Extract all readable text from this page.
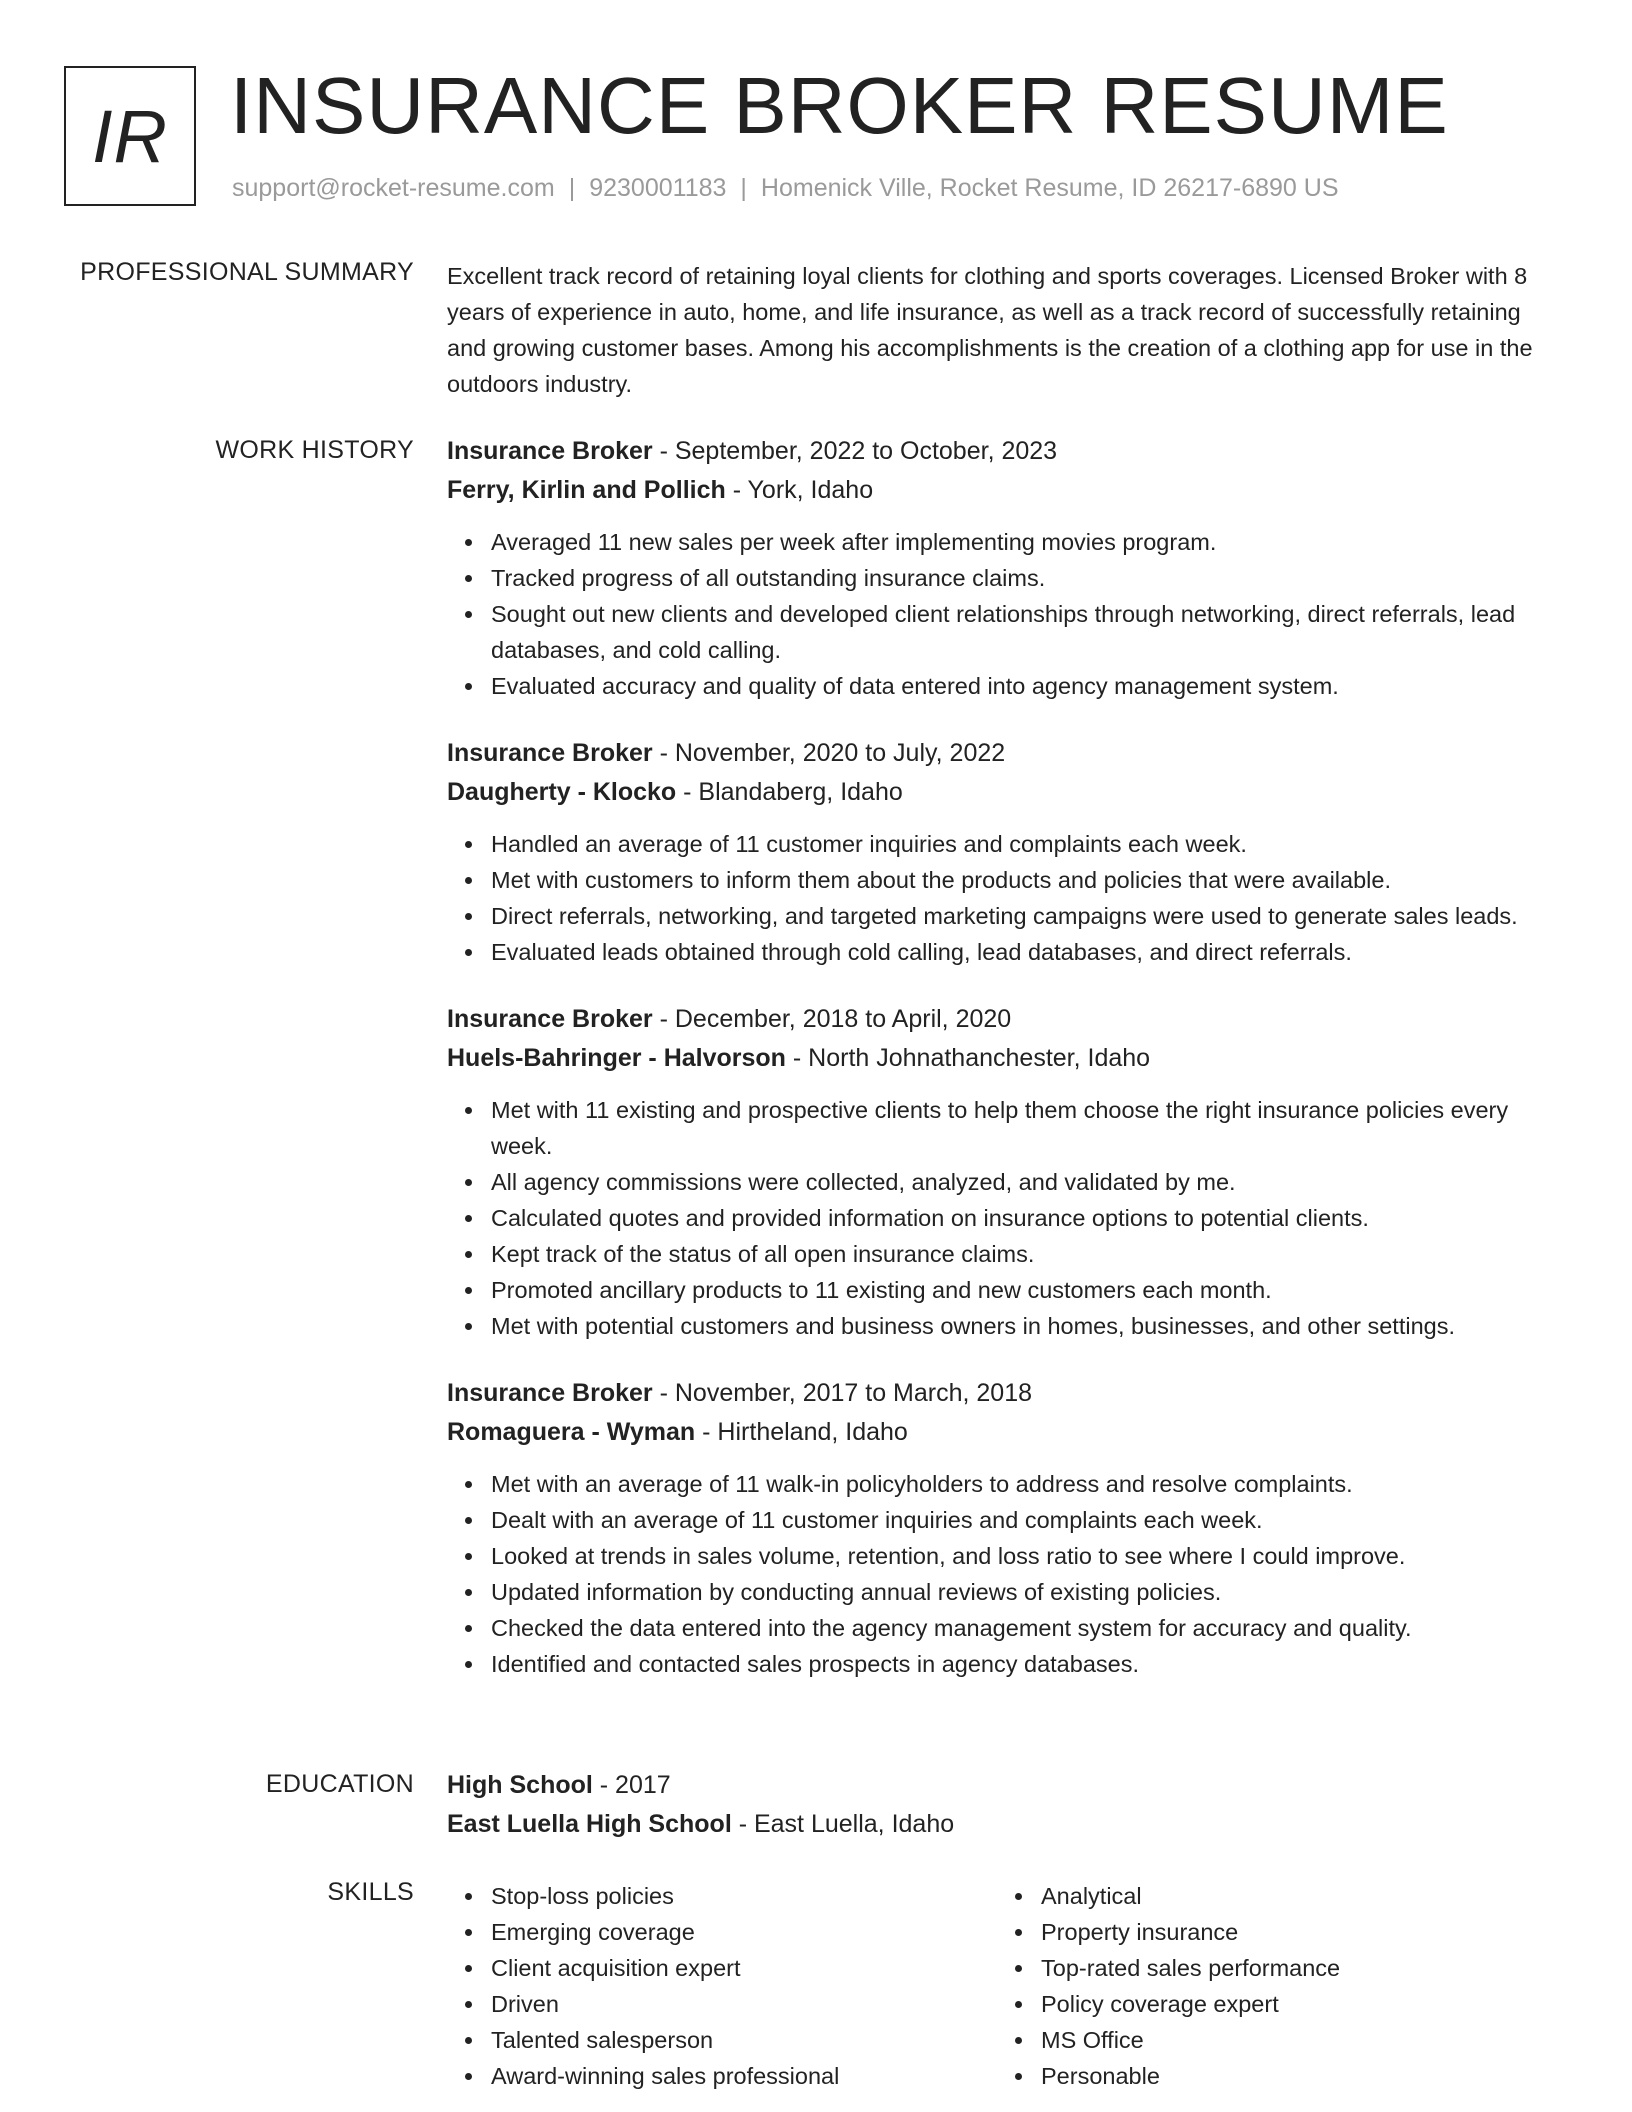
IR INSURANCE BROKER RESUME
support@rocket-resume.com | 9230001183 | Homenick Ville, Rocket Resume, ID 26217-6890 US
PROFESSIONAL SUMMARY Excellent track record of retaining loyal clients for clothing and sports coverages. Licensed Broker with 8 years of experience in auto, home, and life insurance, as well as a track record of successfully retaining and growing customer bases. Among his accomplishments is the creation of a clothing app for use in the outdoors industry.

WORK HISTORY Insurance Broker - September, 2022 to October, 2023
Ferry, Kirlin and Pollich - York, Idaho
Averaged 11 new sales per week after implementing movies program.
Tracked progress of all outstanding insurance claims.
Sought out new clients and developed client relationships through networking, direct referrals, lead databases, and cold calling.
Evaluated accuracy and quality of data entered into agency management system.
Insurance Broker - November, 2020 to July, 2022
Daugherty - Klocko - Blandaberg, Idaho
Handled an average of 11 customer inquiries and complaints each week.
Met with customers to inform them about the products and policies that were available.
Direct referrals, networking, and targeted marketing campaigns were used to generate sales leads.
Evaluated leads obtained through cold calling, lead databases, and direct referrals.
Insurance Broker - December, 2018 to April, 2020
Huels-Bahringer - Halvorson - North Johnathanchester, Idaho
Met with 11 existing and prospective clients to help them choose the right insurance policies every week.
All agency commissions were collected, analyzed, and validated by me.
Calculated quotes and provided information on insurance options to potential clients.
Kept track of the status of all open insurance claims.
Promoted ancillary products to 11 existing and new customers each month.
Met with potential customers and business owners in homes, businesses, and other settings.
Insurance Broker - November, 2017 to March, 2018
Romaguera - Wyman - Hirtheland, Idaho
Met with an average of 11 walk-in policyholders to address and resolve complaints.
Dealt with an average of 11 customer inquiries and complaints each week.
Looked at trends in sales volume, retention, and loss ratio to see where I could improve.
Updated information by conducting annual reviews of existing policies.
Checked the data entered into the agency management system for accuracy and quality.
Identified and contacted sales prospects in agency databases.
EDUCATION High School - 2017
East Luella High School - East Luella, Idaho
SKILLS	Stop-loss policies
Emerging coverage
Client acquisition expert
Driven
Talented salesperson
Award-winning sales professional
Analytical
Property insurance
Top-rated sales performance
Policy coverage expert
MS Office
Personable
